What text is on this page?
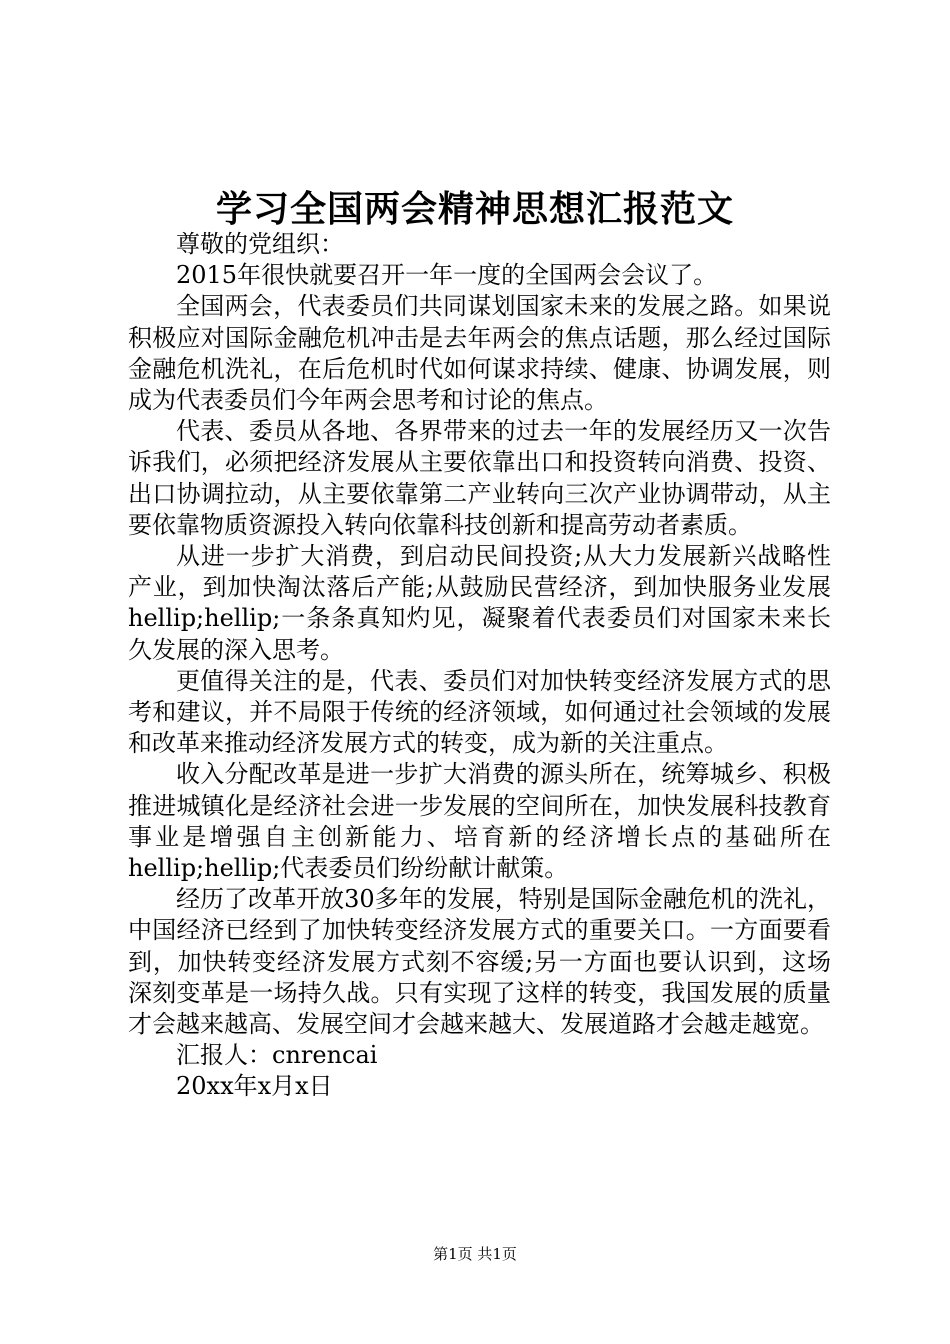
学习全国两会精神思想汇报范文

尊敬的党组织：

2015年很快就要召开一年一度的全国两会会议了。

全国两会，代表委员们共同谋划国家未来的发展之路。如果说积极应对国际金融危机冲击是去年两会的焦点话题，那么经过国际金融危机洗礼，在后危机时代如何谋求持续、健康、协调发展，则成为代表委员们今年两会思考和讨论的焦点。

代表、委员从各地、各界带来的过去一年的发展经历又一次告诉我们，必须把经济发展从主要依靠出口和投资转向消费、投资、出口协调拉动，从主要依靠第二产业转向三次产业协调带动，从主要依靠物质资源投入转向依靠科技创新和提高劳动者素质。

从进一步扩大消费，到启动民间投资;从大力发展新兴战略性产业，到加快淘汰落后产能;从鼓励民营经济，到加快服务业发展hellip;hellip;一条条真知灼见，凝聚着代表委员们对国家未来长久发展的深入思考。

更值得关注的是，代表、委员们对加快转变经济发展方式的思考和建议，并不局限于传统的经济领域，如何通过社会领域的发展和改革来推动经济发展方式的转变，成为新的关注重点。

收入分配改革是进一步扩大消费的源头所在，统筹城乡、积极推进城镇化是经济社会进一步发展的空间所在，加快发展科技教育事业是增强自主创新能力、培育新的经济增长点的基础所在hellip;hellip;代表委员们纷纷献计献策。

经历了改革开放30多年的发展，特别是国际金融危机的洗礼，中国经济已经到了加快转变经济发展方式的重要关口。一方面要看到，加快转变经济发展方式刻不容缓;另一方面也要认识到，这场深刻变革是一场持久战。只有实现了这样的转变，我国发展的质量才会越来越高、发展空间才会越来越大、发展道路才会越走越宽。

汇报人：cnrencai

20xx年x月x日

第1页 共1页
